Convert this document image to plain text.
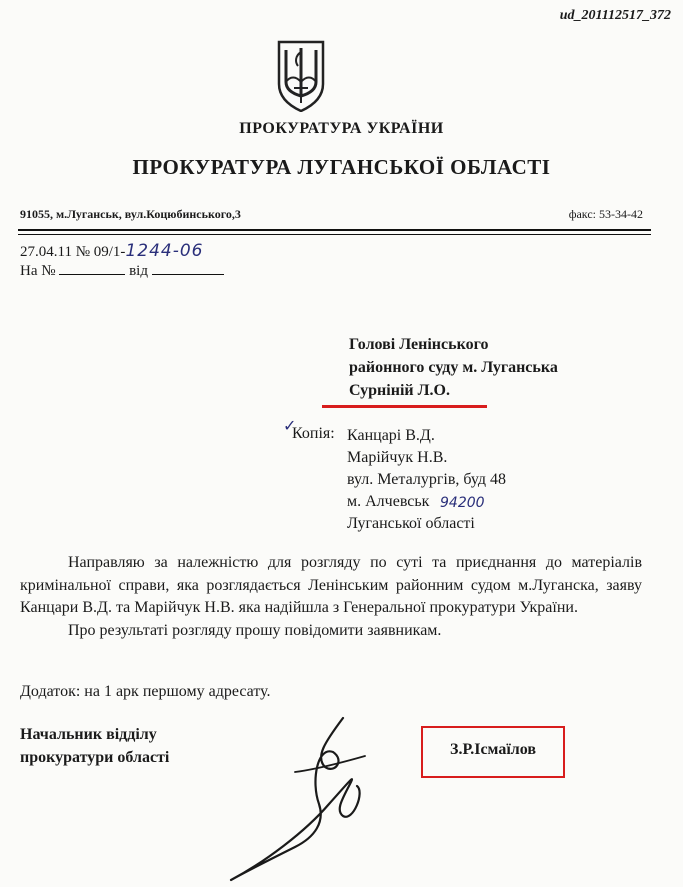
ud_201112517_372
ПРОКУРАТУРА УКРАЇНИ
ПРОКУРАТУРА ЛУГАНСЬКОЇ ОБЛАСТІ
91055, м.Луганськ, вул.Коцюбинського,3	факс: 53-34-42
27.04.11 № 09/1-1244-06
На №	від
Голові Ленінського
районного суду м. Луганська
Сурніній Л.О.
✓
Копія: Канцарі В.Д.
Марійчук Н.В.
вул. Металургів, буд 48
м. Алчевськ
Луганської області
94200

Направляю за належністю для розгляду по суті та приєднання до матеріалів кримінальної справи, яка розглядається Ленінським районним судом м.Луганска, заяву Канцари В.Д. та Марійчук Н.В. яка надійшла з Генеральної прокуратури України.

Про результаті розгляду прошу повідомити заявникам.

Додаток: на 1 арк першому адресату.
Начальник відділу
прокуратури області	З.Р.Ісмаїлов
